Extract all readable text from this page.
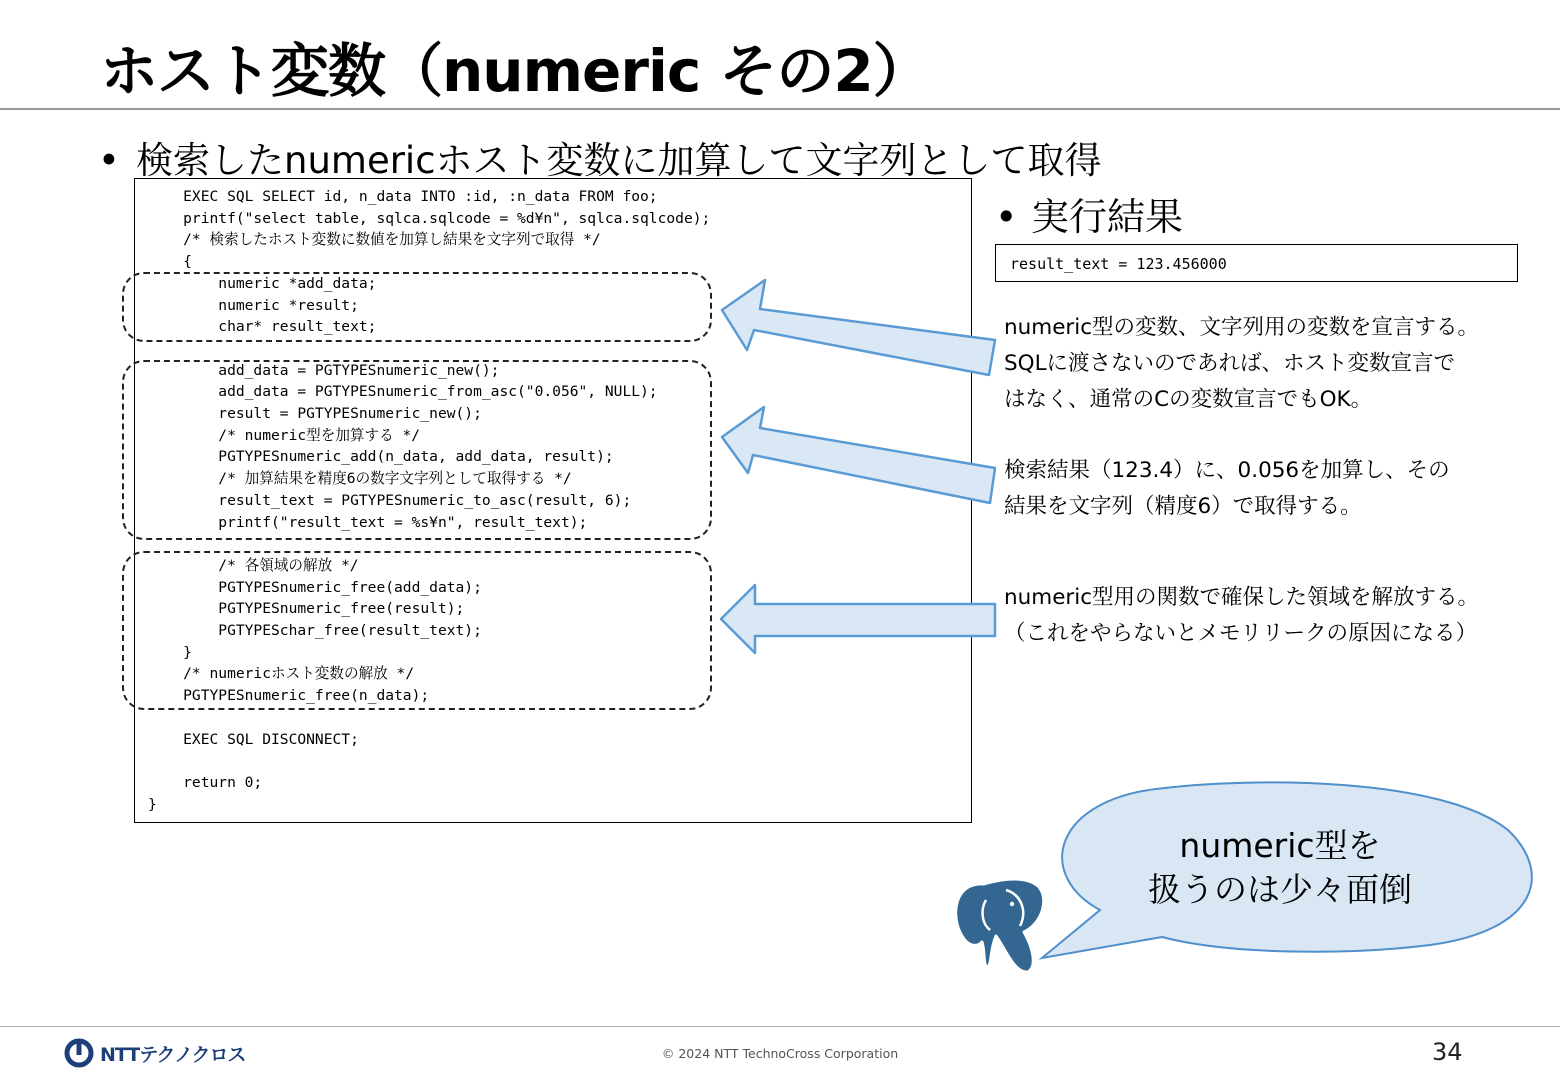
ホスト変数（numeric その2）
• 検索したnumericホスト変数に加算して文字列として取得
EXEC SQL SELECT id, n_data INTO :id, :n_data FROM foo;
printf("select table, sqlca.sqlcode = %d¥n", sqlca.sqlcode);
/* 検索したホスト変数に数値を加算し結果を文字列で取得 */
{
numeric *add_data;
numeric *result;
char* result_text;

add_data = PGTYPESnumeric_new();
add_data = PGTYPESnumeric_from_asc("0.056", NULL);
result = PGTYPESnumeric_new();
/* numeric型を加算する */
PGTYPESnumeric_add(n_data, add_data, result);
/* 加算結果を精度6の数字文字列として取得する */
result_text = PGTYPESnumeric_to_asc(result, 6);
printf("result_text = %s¥n", result_text);

/* 各領域の解放 */
PGTYPESnumeric_free(add_data);
PGTYPESnumeric_free(result);
PGTYPESchar_free(result_text);
}
/* numericホスト変数の解放 */
PGTYPESnumeric_free(n_data);

EXEC SQL DISCONNECT;

return 0;
}
• 実行結果
result_text = 123.456000
numeric型の変数、文字列用の変数を宣言する。
SQLに渡さないのであれば、ホスト変数宣言で
はなく、通常のCの変数宣言でもOK。
検索結果（123.4）に、0.056を加算し、その
結果を文字列（精度6）で取得する。
numeric型用の関数で確保した領域を解放する。
（これをやらないとメモリリークの原因になる）
numeric型を
扱うのは少々面倒
NTTテクノクロス	© 2024 NTT TechnoCross Corporation	34
